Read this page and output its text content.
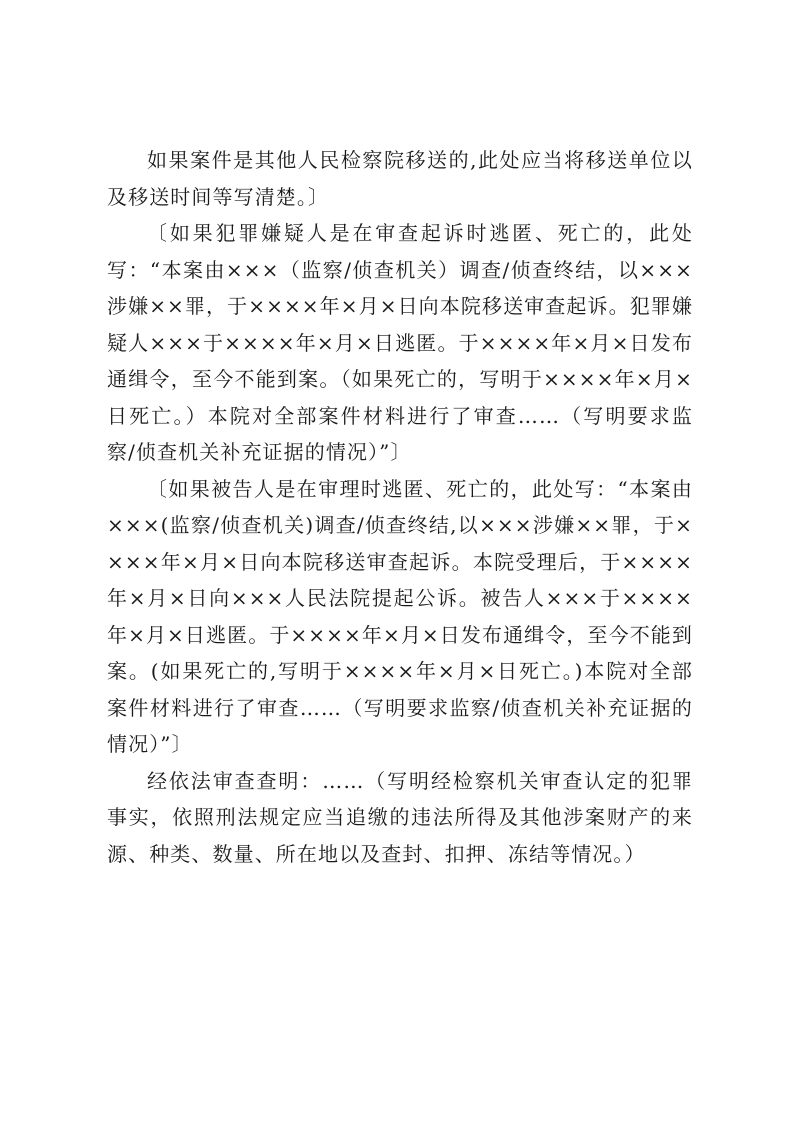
如果案件是其他人民检察院移送的,此处应当将移送单位以及移送时间等写清楚。〕

〔如果犯罪嫌疑人是在审查起诉时逃匿、死亡的，此处写：“本案由×××（监察/侦查机关）调查/侦查终结，以×××涉嫌××罪，于××××年×月×日向本院移送审查起诉。犯罪嫌疑人×××于××××年×月×日逃匿。于××××年×月×日发布通缉令，至今不能到案。（如果死亡的，写明于××××年×月×日死亡。）本院对全部案件材料进行了审查……（写明要求监察/侦查机关补充证据的情况）”〕

〔如果被告人是在审理时逃匿、死亡的，此处写：“本案由×××(监察/侦查机关)调查/侦查终结,以×××涉嫌××罪，于××××年×月×日向本院移送审查起诉。本院受理后，于××××年×月×日向×××人民法院提起公诉。被告人×××于××××年×月×日逃匿。于××××年×月×日发布通缉令，至今不能到案。(如果死亡的,写明于××××年×月×日死亡。)本院对全部案件材料进行了审查……（写明要求监察/侦查机关补充证据的情况）”〕

经依法审查查明：……（写明经检察机关审查认定的犯罪事实，依照刑法规定应当追缴的违法所得及其他涉案财产的来源、种类、数量、所在地以及查封、扣押、冻结等情况。）
